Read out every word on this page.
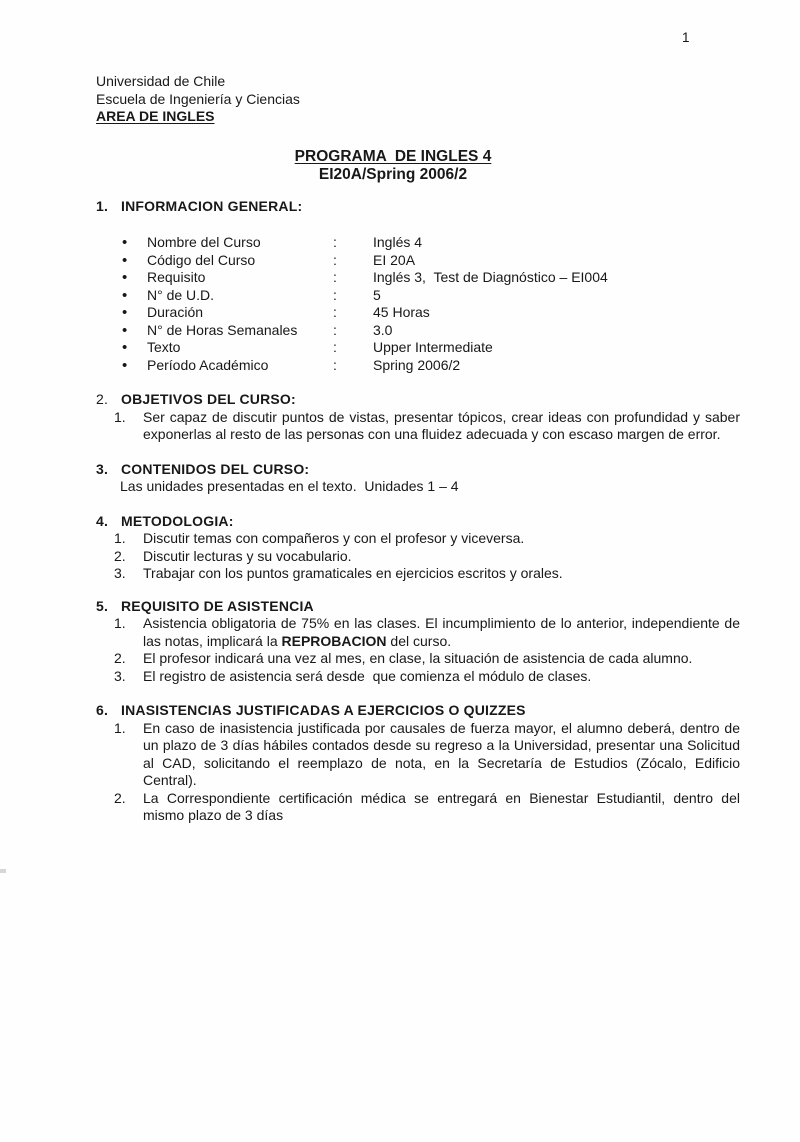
1
Universidad de Chile
Escuela de Ingeniería y Ciencias
AREA DE INGLES
PROGRAMA  DE INGLES 4
EI20A/Spring 2006/2
1. INFORMACION GENERAL:
•	Nombre del Curso	:	Inglés 4
•	Código del Curso	:	EI 20A
•	Requisito	:	Inglés 3,  Test de Diagnóstico – EI004
•	N° de U.D.	:	5
•	Duración	:	45 Horas
•	N° de Horas Semanales	:	3.0
•	Texto	:	Upper Intermediate
•	Período Académico	:	Spring 2006/2
2. OBJETIVOS DEL CURSO:
1.	Ser capaz de discutir puntos de vistas, presentar tópicos, crear ideas con profundidad y saber exponerlas al resto de las personas con una fluidez adecuada y con escaso margen de error.
3. CONTENIDOS DEL CURSO:
Las unidades presentadas en el texto.  Unidades 1 – 4
4. METODOLOGIA:
1.	Discutir temas con compañeros y con el profesor y viceversa.
2.	Discutir lecturas y su vocabulario.
3.	Trabajar con los puntos gramaticales en ejercicios escritos y orales.
5. REQUISITO DE ASISTENCIA
1.	Asistencia obligatoria de 75% en las clases. El incumplimiento de lo anterior, independiente de las notas, implicará la REPROBACION del curso.
2.	El profesor indicará una vez al mes, en clase, la situación de asistencia de cada alumno.
3.	El registro de asistencia será desde  que comienza el módulo de clases.
6. INASISTENCIAS JUSTIFICADAS A EJERCICIOS O QUIZZES
1.	En caso de inasistencia justificada por causales de fuerza mayor, el alumno deberá, dentro de un plazo de 3 días hábiles contados desde su regreso a la Universidad, presentar una Solicitud al CAD, solicitando el reemplazo de nota, en la Secretaría de Estudios (Zócalo, Edificio Central).
2.	La Correspondiente certificación médica se entregará en Bienestar Estudiantil, dentro del mismo plazo de 3 días
